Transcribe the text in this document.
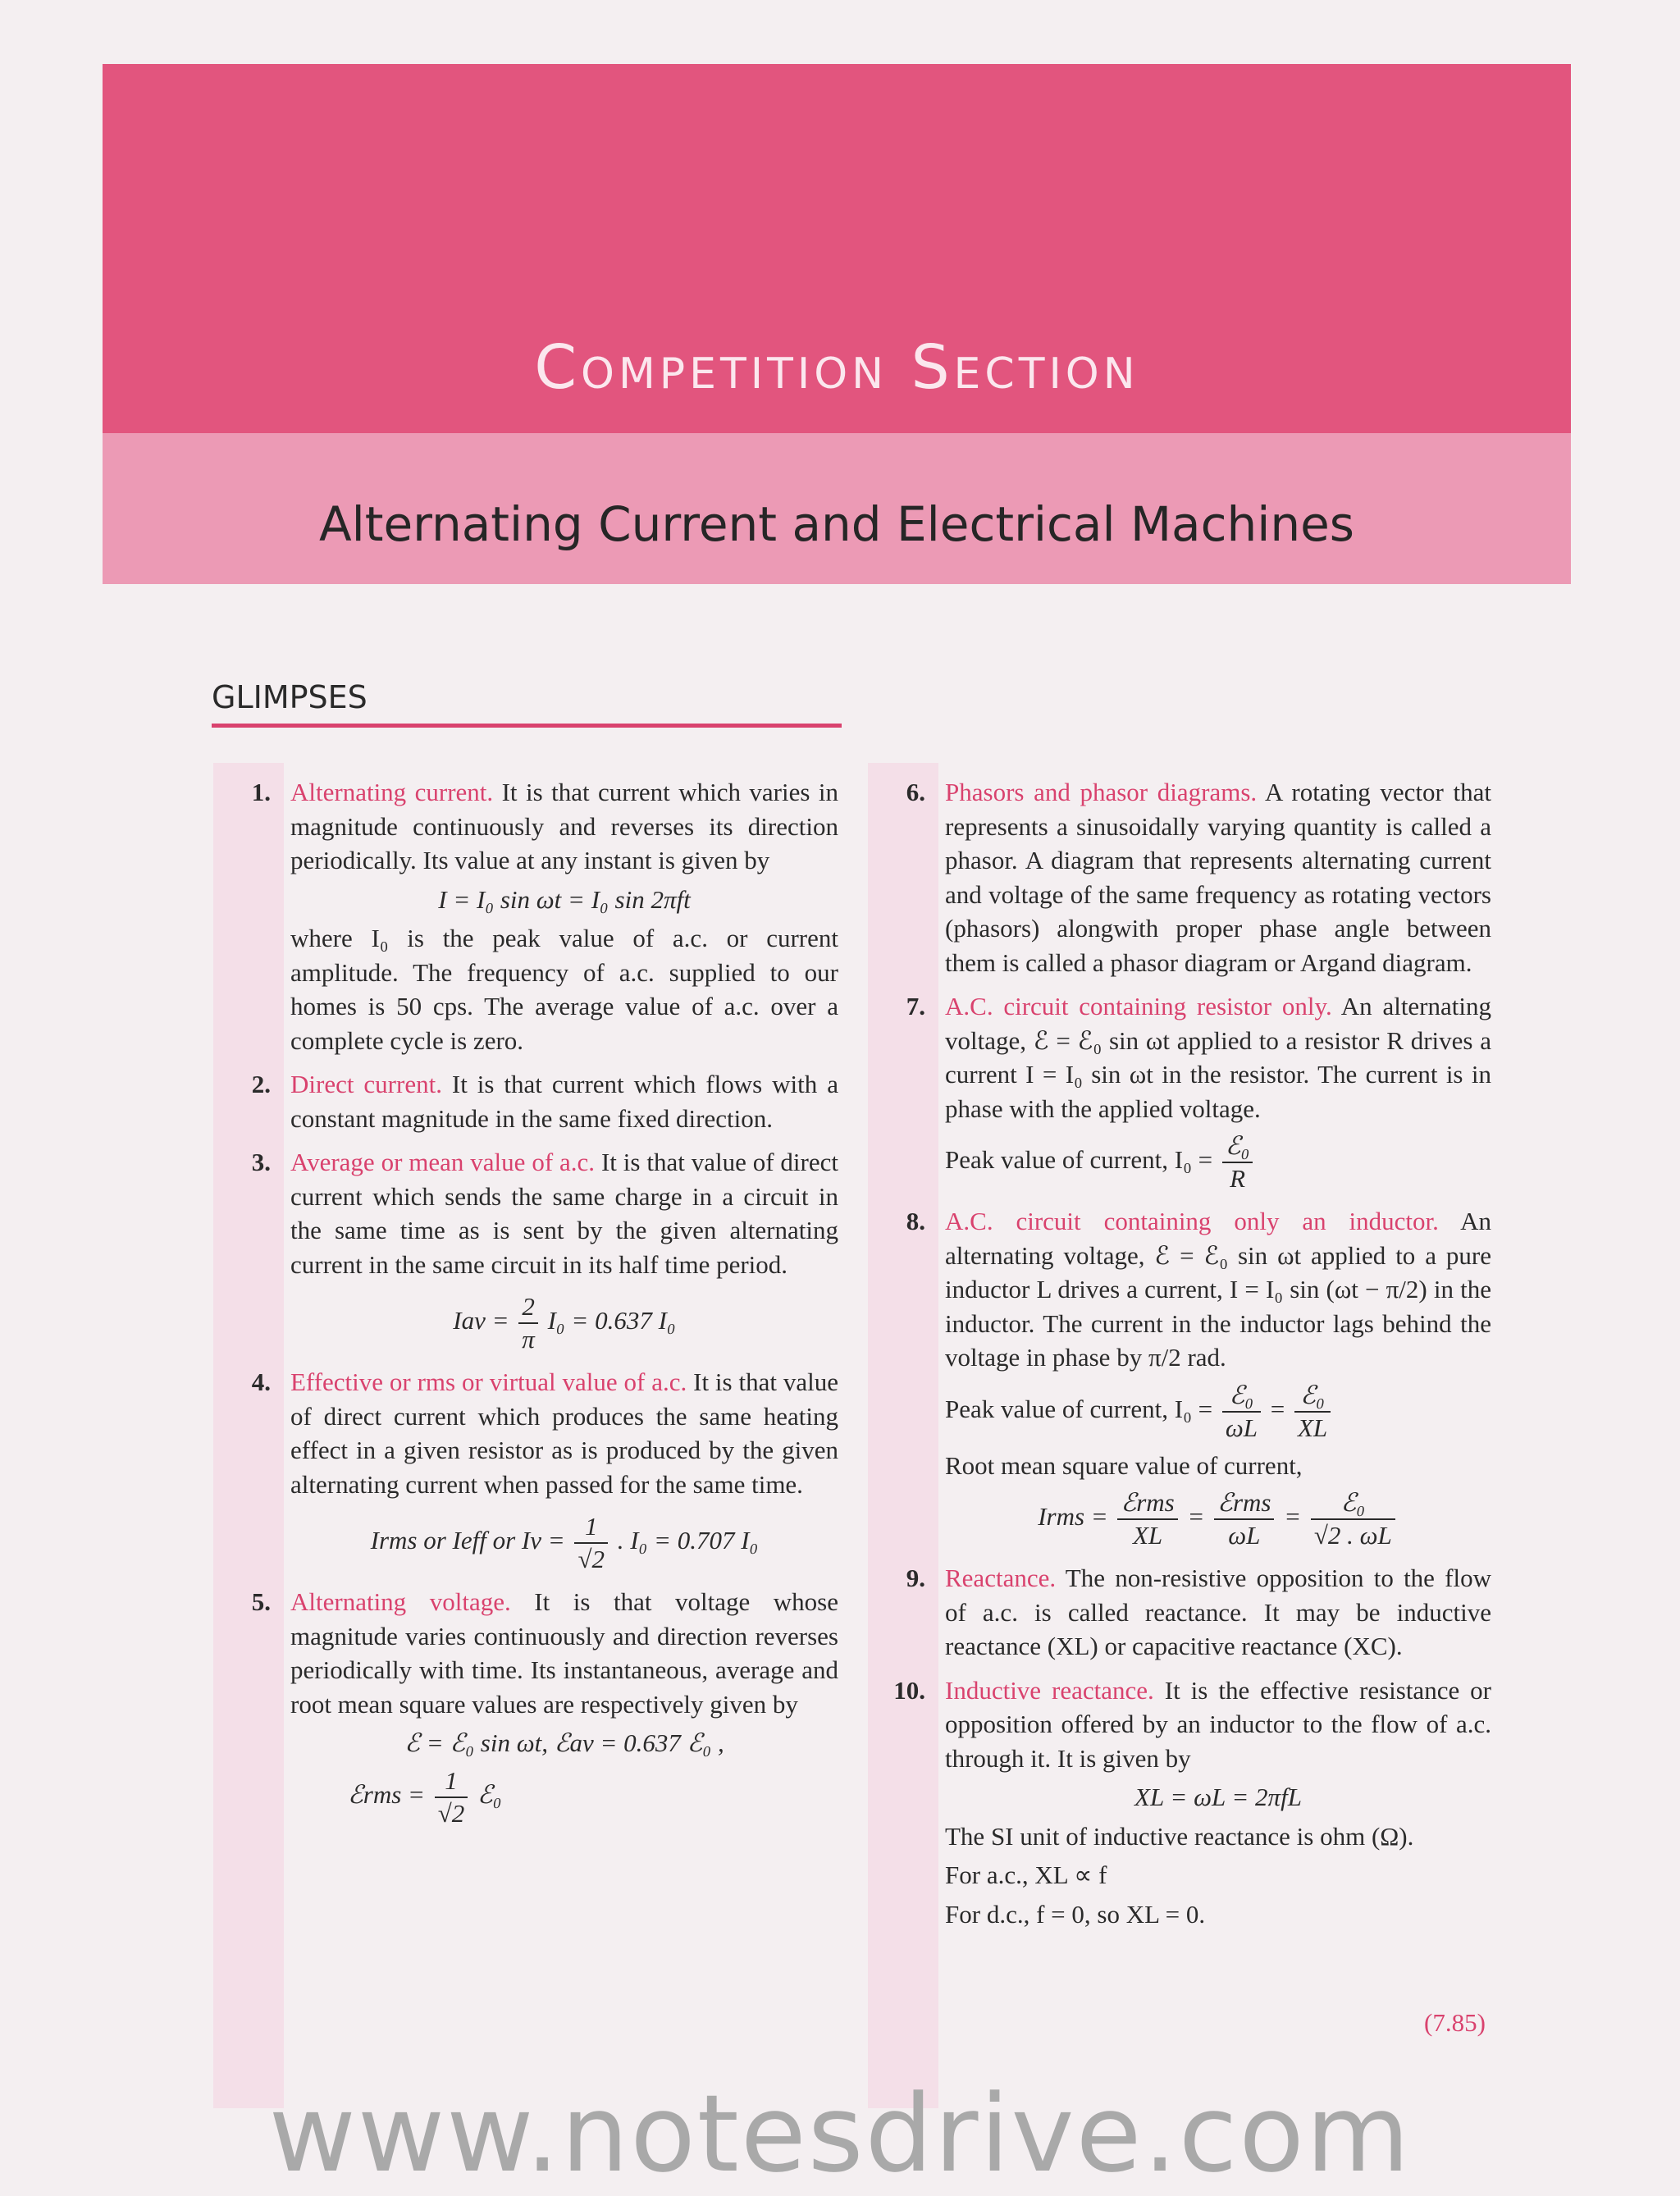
Competition Section
Alternating Current and Electrical Machines
GLIMPSES
1. Alternating current. It is that current which varies in magnitude continuously and reverses its direction periodically. Its value at any instant is given by
I = I₀ sin ωt = I₀ sin 2πft
where I₀ is the peak value of a.c. or current amplitude. The frequency of a.c. supplied to our homes is 50 cps. The average value of a.c. over a complete cycle is zero.
2. Direct current. It is that current which flows with a constant magnitude in the same fixed direction.
3. Average or mean value of a.c. It is that value of direct current which sends the same charge in a circuit in the same time as is sent by the given alternating current in the same circuit in its half time period.
Iav = $\frac{2}{\pi} I_0 = 0.637$ I₀
4. Effective or rms or virtual value of a.c. It is that value of direct current which produces the same heating effect in a given resistor as is produced by the given alternating current when passed for the same time.
Irms or Ieff or $Iv = \frac{1}{√2}$ . I₀ = 0.707 I₀
5. Alternating voltage. It is that voltage whose magnitude varies continuously and direction reverses periodically with time. Its instantaneous, average and root mean square values are respectively given by
ℰ = ℰ₀ sin ωt, ℰav = 0.637 ℰ₀ ,
ℰrms = $\frac{1}{√2}$ ℰ₀
6. Phasors and phasor diagrams. A rotating vector that represents a sinusoidally varying quantity is called a phasor. A diagram that represents alternating current and voltage of the same frequency as rotating vectors (phasors) alongwith proper phase angle between them is called a phasor diagram or Argand diagram.
7. A.C. circuit containing resistor only. An alternating voltage, ℰ = ℰ₀ sin ωt applied to a resistor R drives a current I = I₀ sin ωt in the resistor. The current is in phase with the applied voltage.
Peak value of current, $I_0 = \frac{\text{ℰ₀}}{R}$
8. A.C. circuit containing only an inductor. An alternating voltage, ℰ = ℰ₀ sin ωt applied to a pure inductor L drives a current, I = I₀ sin (ωt − π/2) in the inductor. The current in the inductor lags behind the voltage in phase by π/2 rad.
Peak value of current, $I_0 = \frac{\text{ℰ₀}}{\omega L} = \frac{\text{ℰ₀}}{XL}$
Root mean square value of current,
Irms = $\frac{\text{ℰrms}}{XL} = \frac{\text{ℰrms}}{\omega L} = \frac{\text{ℰ₀}}{√2 . \omega L}$
9. Reactance. The non-resistive opposition to the flow of a.c. is called reactance. It may be inductive reactance (XL) or capacitive reactance (XC).
10. Inductive reactance. It is the effective resistance or opposition offered by an inductor to the flow of a.c. through it. It is given by
XL = ωL = 2πfL
The SI unit of inductive reactance is ohm (Ω).
For a.c., XL ∝ f
For d.c., f = 0, so XL = 0.
(7.85)
www.notesdrive.com
